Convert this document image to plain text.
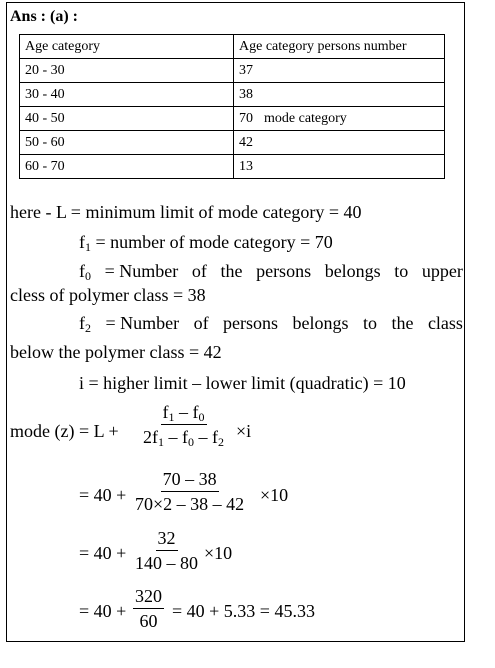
Ans : (a) :
Age category	Age category persons number
20 - 30	37
30 - 40	38
40 - 50	70 mode category
50 - 60	42
60 - 70	13
here - L = minimum limit of mode category = 40
$f_1$ = number of mode category = 70
$f_0$ = Number of the persons belongs to upper
cless of polymer class = 38
$f_2$ = Number of persons belongs to the class
below the polymer class = 42
i = higher limit – lower limit (quadratic) = 10
mode $(z) = L + \frac{f_1 - f_0}{2f_1 - f_0 - f_2} \times i$
= $40 + \frac{70 - 38}{70\times 2 - 38 - 42} \times 10$
= $40 + \frac{32}{140 - 80} \times 10$
= $40 + \frac{320}{60} = 40 + 5.33 = 45.33$
